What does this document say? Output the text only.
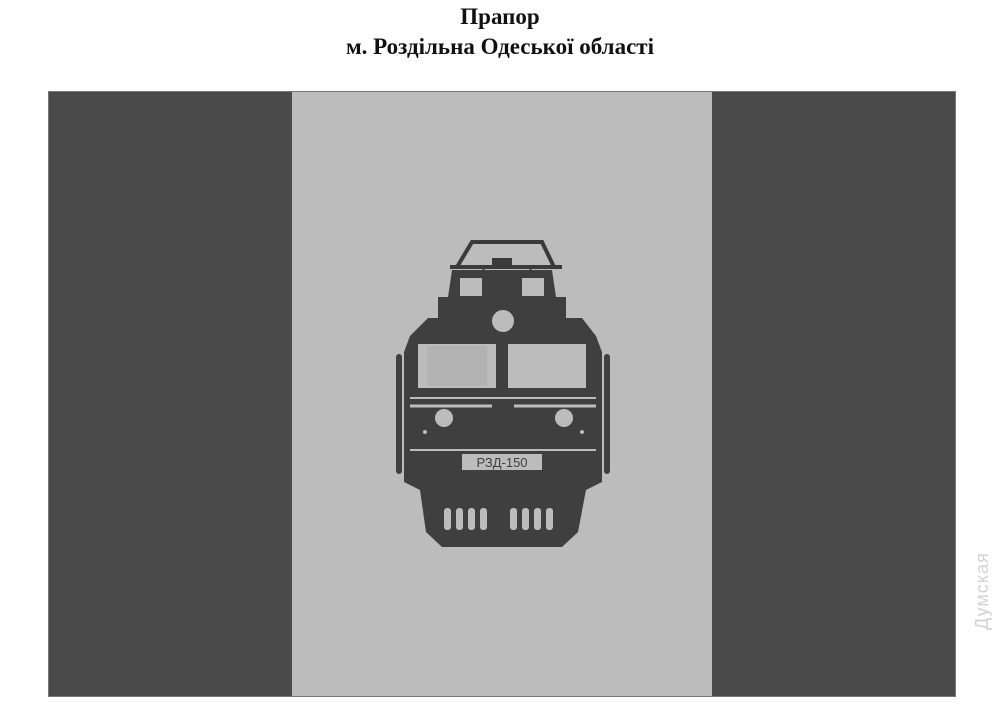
Прапор
м. Роздільна Одеської області
РЗД-150
Думская
